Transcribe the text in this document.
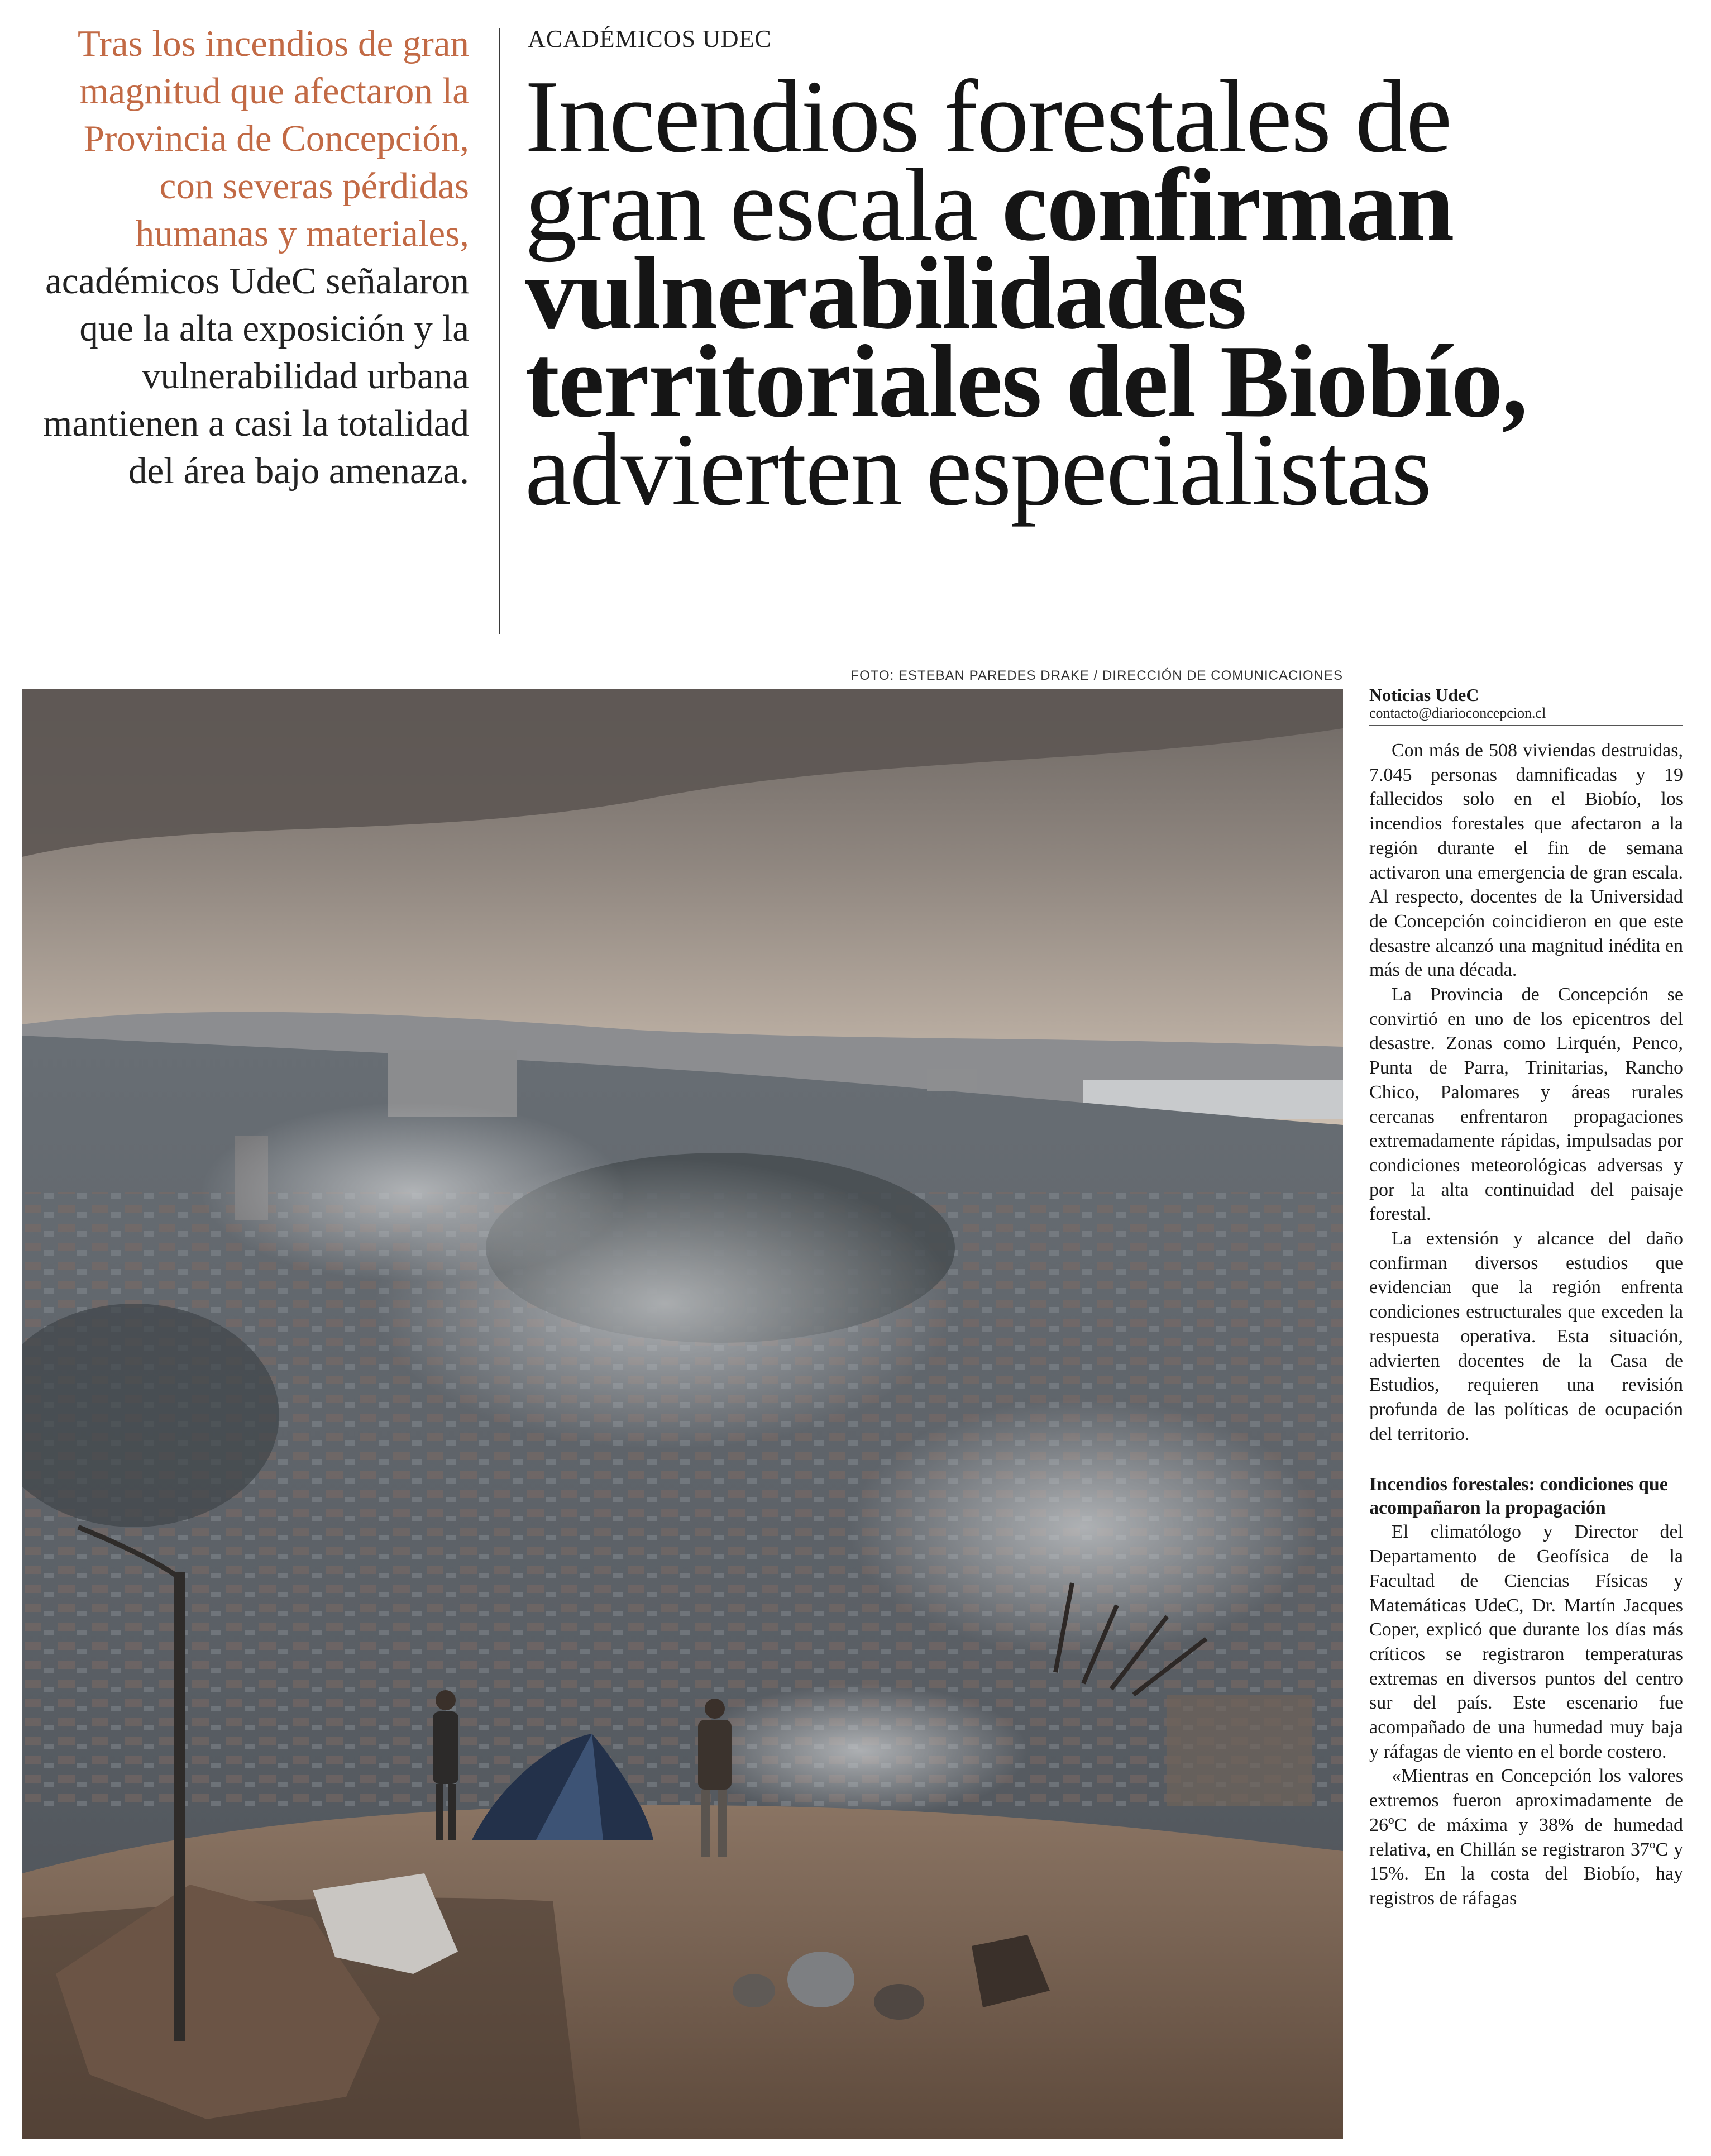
Tras los incendios de gran magnitud que afectaron la Provincia de Concepción, con severas pérdidas humanas y materiales, académicos UdeC señalaron que la alta exposición y la vulnerabilidad urbana mantienen a casi la totalidad del área bajo amenaza.
ACADÉMICOS UDEC
Incendios forestales de
gran escala confirman
vulnerabilidades
territoriales del Biobío,
advierten especialistas
FOTO: ESTEBAN PAREDES DRAKE / DIRECCIÓN DE COMUNICACIONES
Noticias UdeC
contacto@diarioconcepcion.cl

Con más de 508 viviendas destruidas, 7.045 personas damnificadas y 19 fallecidos solo en el Biobío, los incendios forestales que afectaron a la región durante el fin de semana activaron una emergencia de gran escala. Al respecto, docentes de la Universidad de Concepción coincidieron en que este desastre alcanzó una magnitud inédita en más de una década.

La Provincia de Concepción se convirtió en uno de los epicentros del desastre. Zonas como Lirquén, Penco, Punta de Parra, Trinitarias, Rancho Chico, Palomares y áreas rurales cercanas enfrentaron propagaciones extremadamente rápidas, impulsadas por condiciones meteorológicas adversas y por la alta continuidad del paisaje forestal.

La extensión y alcance del daño confirman diversos estudios que evidencian que la región enfrenta condiciones estructurales que exceden la respuesta operativa. Esta situación, advierten docentes de la Casa de Estudios, requieren una revisión profunda de las políticas de ocupación del territorio.

Incendios forestales: condiciones que acompañaron la propagación

El climatólogo y Director del Departamento de Geofísica de la Facultad de Ciencias Físicas y Matemáticas UdeC, Dr. Martín Jacques Coper, explicó que durante los días más críticos se registraron temperaturas extremas en diversos puntos del centro sur del país. Este escenario fue acompañado de una humedad muy baja y ráfagas de viento en el borde costero.

«Mientras en Concepción los valores extremos fueron aproximadamente de 26ºC de máxima y 38% de humedad relativa, en Chillán se registraron 37ºC y 15%. En la costa del Biobío, hay registros de ráfagas
